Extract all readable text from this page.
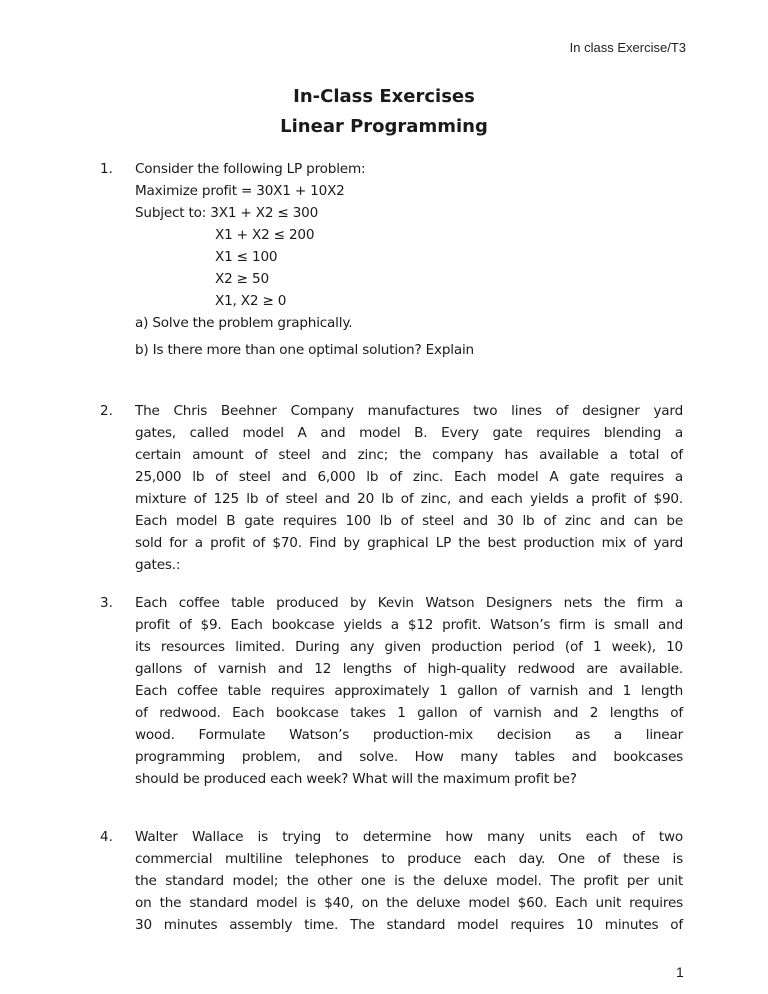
In class Exercise/T3
In-Class Exercises
Linear Programming
1. Consider the following LP problem:
Maximize profit = 30X1 + 10X2
Subject to: 3X1 + X2 ≤ 300
X1 + X2 ≤ 200
X1 ≤ 100
X2 ≥ 50
X1, X2 ≥ 0
a) Solve the problem graphically.
b) Is there more than one optimal solution? Explain
2. The Chris Beehner Company manufactures two lines of designer yard
gates, called model A and model B. Every gate requires blending a
certain amount of steel and zinc; the company has available a total of
25,000 lb of steel and 6,000 lb of zinc. Each model A gate requires a
mixture of 125 lb of steel and 20 lb of zinc, and each yields a profit of $90.
Each model B gate requires 100 lb of steel and 30 lb of zinc and can be
sold for a profit of $70. Find by graphical LP the best production mix of yard
gates.:
3. Each coffee table produced by Kevin Watson Designers nets the firm a
profit of $9. Each bookcase yields a $12 profit. Watson’s firm is small and
its resources limited. During any given production period (of 1 week), 10
gallons of varnish and 12 lengths of high-quality redwood are available.
Each coffee table requires approximately 1 gallon of varnish and 1 length
of redwood. Each bookcase takes 1 gallon of varnish and 2 lengths of
wood. Formulate Watson’s production-mix decision as a linear
programming problem, and solve. How many tables and bookcases
should be produced each week? What will the maximum profit be?
4. Walter Wallace is trying to determine how many units each of two
commercial multiline telephones to produce each day. One of these is
the standard model; the other one is the deluxe model. The profit per unit
on the standard model is $40, on the deluxe model $60. Each unit requires
30 minutes assembly time. The standard model requires 10 minutes of
1
